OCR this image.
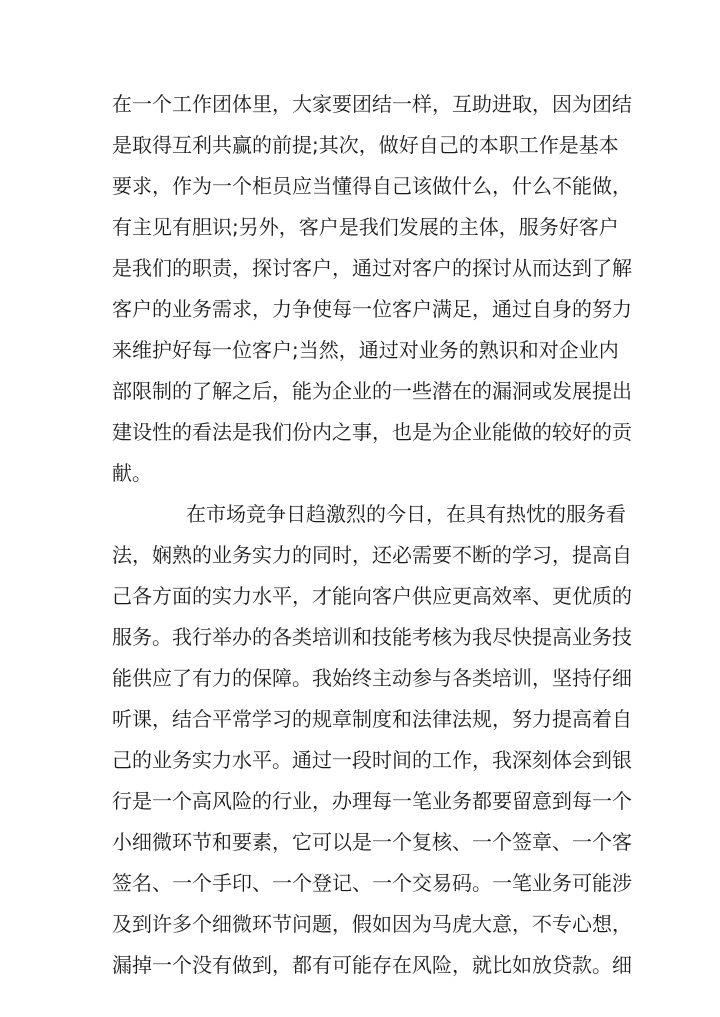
在一个工作团体里，大家要团结一样，互助进取，因为团结
是取得互利共赢的前提;其次，做好自己的本职工作是基本
要求，作为一个柜员应当懂得自己该做什么，什么不能做，
有主见有胆识;另外，客户是我们发展的主体，服务好客户
是我们的职责，探讨客户，通过对客户的探讨从而达到了解
客户的业务需求，力争使每一位客户满足，通过自身的努力
来维护好每一位客户;当然，通过对业务的熟识和对企业内
部限制的了解之后，能为企业的一些潜在的漏洞或发展提出
建设性的看法是我们份内之事，也是为企业能做的较好的贡
献。
在市场竞争日趋激烈的今日，在具有热忱的服务看
法，娴熟的业务实力的同时，还必需要不断的学习，提高自
己各方面的实力水平，才能向客户供应更高效率、更优质的
服务。我行举办的各类培训和技能考核为我尽快提高业务技
能供应了有力的保障。我始终主动参与各类培训，坚持仔细
听课，结合平常学习的规章制度和法律法规，努力提高着自
己的业务实力水平。通过一段时间的工作，我深刻体会到银
行是一个高风险的行业，办理每一笔业务都要留意到每一个
小细微环节和要素，它可以是一个复核、一个签章、一个客
签名、一个手印、一个登记、一个交易码。一笔业务可能涉
及到许多个细微环节问题，假如因为马虎大意，不专心想，
漏掉一个没有做到，都有可能存在风险，就比如放贷款。细
